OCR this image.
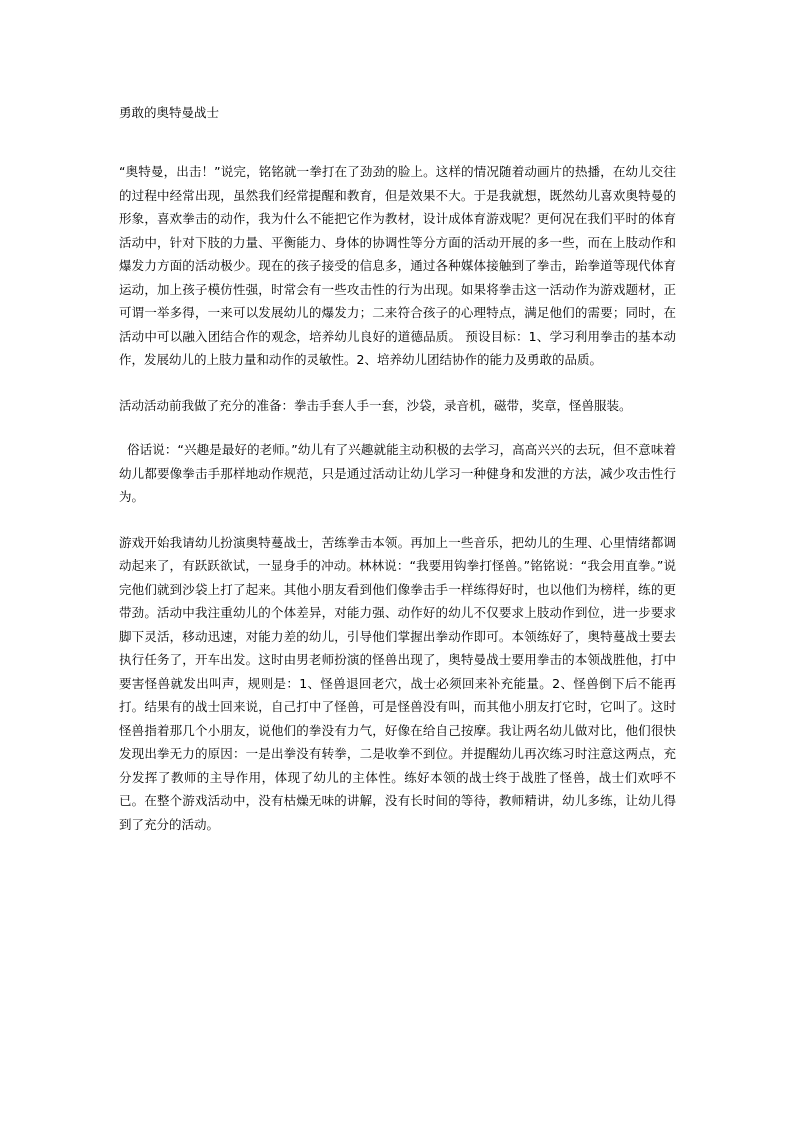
勇敢的奥特曼战士

“奥特曼，出击！”说完，铭铭就一拳打在了劲劲的脸上。这样的情况随着动画片的热播，在幼儿交往的过程中经常出现，虽然我们经常提醒和教育，但是效果不大。于是我就想，既然幼儿喜欢奥特曼的形象，喜欢拳击的动作，我为什么不能把它作为教材，设计成体育游戏呢？更何况在我们平时的体育活动中，针对下肢的力量、平衡能力、身体的协调性等分方面的活动开展的多一些，而在上肢动作和爆发力方面的活动极少。现在的孩子接受的信息多，通过各种媒体接触到了拳击，跆拳道等现代体育运动，加上孩子模仿性强，时常会有一些攻击性的行为出现。如果将拳击这一活动作为游戏题材，正可谓一举多得，一来可以发展幼儿的爆发力；二来符合孩子的心理特点，满足他们的需要；同时，在活动中可以融入团结合作的观念，培养幼儿良好的道德品质。 预设目标：1、学习利用拳击的基本动作，发展幼儿的上肢力量和动作的灵敏性。2、培养幼儿团结协作的能力及勇敢的品质。

活动活动前我做了充分的准备：拳击手套人手一套，沙袋，录音机，磁带，奖章，怪兽服装。

俗话说：“兴趣是最好的老师。”幼儿有了兴趣就能主动积极的去学习，高高兴兴的去玩，但不意味着幼儿都要像拳击手那样地动作规范，只是通过活动让幼儿学习一种健身和发泄的方法，减少攻击性行为。

游戏开始我请幼儿扮演奥特蔓战士，苦练拳击本领。再加上一些音乐，把幼儿的生理、心里情绪都调动起来了，有跃跃欲试，一显身手的冲动。林林说：“我要用钩拳打怪兽。”铭铭说：“我会用直拳。”说完他们就到沙袋上打了起来。其他小朋友看到他们像拳击手一样练得好时，也以他们为榜样，练的更带劲。活动中我注重幼儿的个体差异，对能力强、动作好的幼儿不仅要求上肢动作到位，进一步要求脚下灵活，移动迅速，对能力差的幼儿，引导他们掌握出拳动作即可。本领练好了，奥特蔓战士要去执行任务了，开车出发。这时由男老师扮演的怪兽出现了，奥特曼战士要用拳击的本领战胜他，打中要害怪兽就发出叫声，规则是：1、怪兽退回老穴，战士必须回来补充能量。2、怪兽倒下后不能再打。结果有的战士回来说，自己打中了怪兽，可是怪兽没有叫，而其他小朋友打它时，它叫了。这时怪兽指着那几个小朋友，说他们的拳没有力气，好像在给自己按摩。我让两名幼儿做对比，他们很快发现出拳无力的原因：一是出拳没有转拳，二是收拳不到位。并提醒幼儿再次练习时注意这两点，充分发挥了教师的主导作用，体现了幼儿的主体性。练好本领的战士终于战胜了怪兽，战士们欢呼不已。在整个游戏活动中，没有枯燥无味的讲解，没有长时间的等待，教师精讲，幼儿多练，让幼儿得到了充分的活动。
